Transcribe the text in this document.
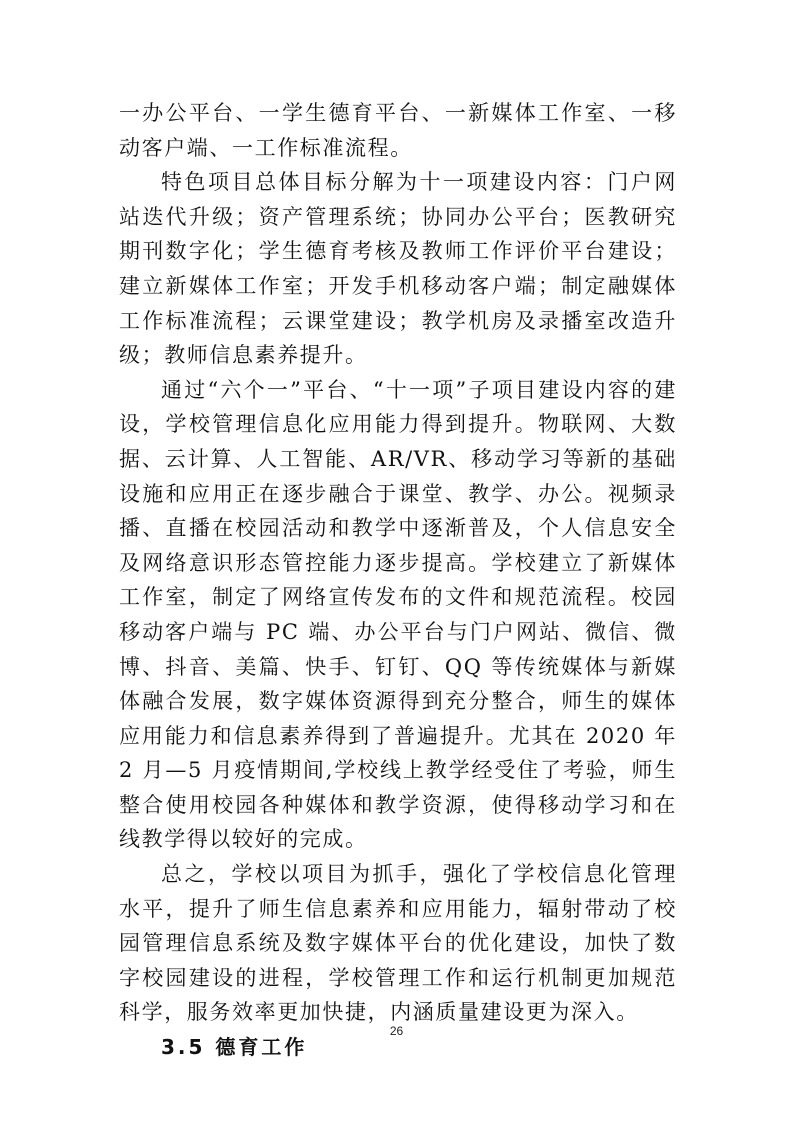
一办公平台、一学生德育平台、一新媒体工作室、一移动客户端、一工作标准流程。

特色项目总体目标分解为十一项建设内容：门户网站迭代升级；资产管理系统；协同办公平台；医教研究期刊数字化；学生德育考核及教师工作评价平台建设；建立新媒体工作室；开发手机移动客户端；制定融媒体工作标准流程；云课堂建设；教学机房及录播室改造升级；教师信息素养提升。

通过“六个一”平台、“十一项”子项目建设内容的建设，学校管理信息化应用能力得到提升。物联网、大数据、云计算、人工智能、AR/VR、移动学习等新的基础设施和应用正在逐步融合于课堂、教学、办公。视频录播、直播在校园活动和教学中逐渐普及，个人信息安全及网络意识形态管控能力逐步提高。学校建立了新媒体工作室，制定了网络宣传发布的文件和规范流程。校园移动客户端与 PC 端、办公平台与门户网站、微信、微博、抖音、美篇、快手、钉钉、QQ 等传统媒体与新媒体融合发展，数字媒体资源得到充分整合，师生的媒体应用能力和信息素养得到了普遍提升。尤其在 2020 年 2 月—5 月疫情期间,学校线上教学经受住了考验，师生整合使用校园各种媒体和教学资源，使得移动学习和在线教学得以较好的完成。

总之，学校以项目为抓手，强化了学校信息化管理水平，提升了师生信息素养和应用能力，辐射带动了校园管理信息系统及数字媒体平台的优化建设，加快了数字校园建设的进程，学校管理工作和运行机制更加规范科学，服务效率更加快捷，内涵质量建设更为深入。

3.5 德育工作
26
